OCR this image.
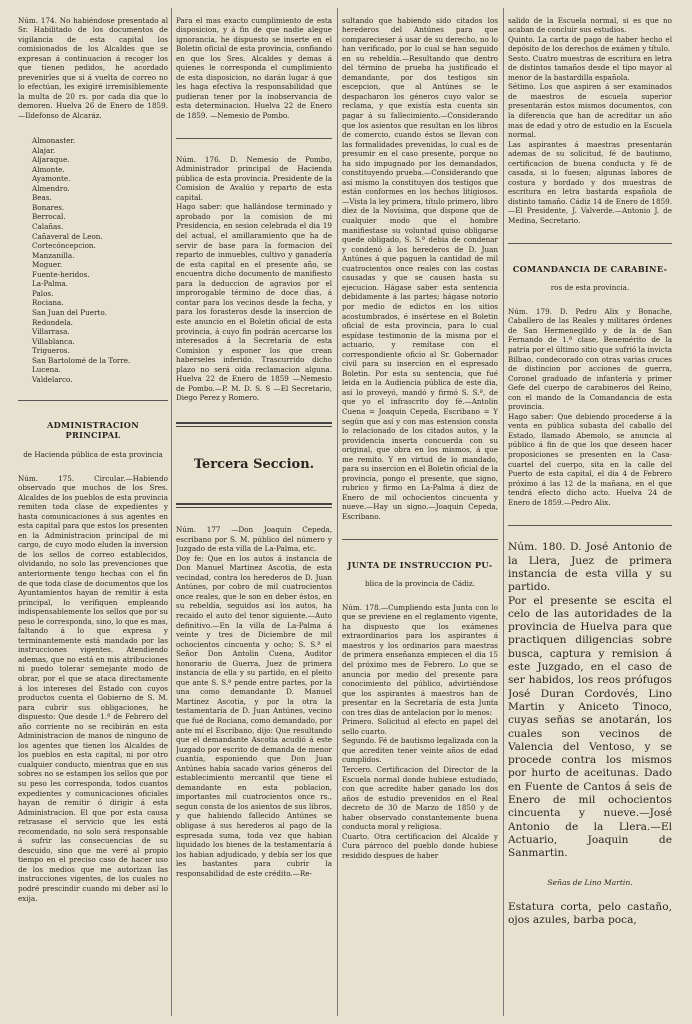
Núm. 174. No habiéndose presentado al Sr. Habilitado de los documentos de vigilancia de esta capital los comisionados de los Alcaldes que se expresan á continuacion á recoger los que tienen pedidos, he acordado prevenirles que si á vuelta de correo no lo efectúan, les exigiré irremisiblemente la multa de 20 rs. por cada dia que lo demoren. Huelva 26 de Enero de 1859. —Ildefonso de Alcaráz.

Almonaster.
Alajar.
Aljaraque.
Almonte.
Ayamonte.
Almendro.
Beas.
Bonares.
Berrocal.
Calañas.
Cañaveral de Leon.
Cortecóncepcion.
Manzanilla.
Moguer.
Fuente-heridos.
La-Palma.
Palos.
Rociana.
San Juan del Puerto.
Redondela.
Villarrasa.
Villablanca.
Trigueros.
San Bartolomé de la Torre.
Lucena.
Valdelarco.

ADMINISTRACION PRINCIPAL

de Hacienda pública de esta provincia

Núm. 175. Circular.—Habiendo observado que muchos de los Sres. Alcaldes de los pueblos de esta provincia remiten toda clase de expedientes y hasta comunicaciones á sus agentes en esta capital para que estos los presenten en la Administracion principal de mi cargo, de cuyo modo eluden la inversion de los sellos de correo establecidos, olvidando, no solo las prevenciones que anteriormente tengo hechas con el fin de que toda clase de documentos que los Ayuntamientos hayan de remitir á esta principal, lo verifiquen empleando indispensablemente los sellos que por su peso le corresponda, sino, lo que es mas, faltando á lo que expresa y terminantemente está mandado por las instrucciones vigentes. Atendiendo ademas, que no está en mis atribuciones ni puedo tolerar semejante modo de obrar, por el que se ataca directamente á los intereses del Estado con cuyos productos cuenta el Gobierno de S. M. para cubrir sus obligaciones, he dispuesto: Que desde 1.º de Febrero del año corriente no se recibirán en esta Administracion de manos de ninguno de los agentes que tienen los Alcaldes de los pueblos en esta capital, ni por otro cualquier conducto, mientras que en sus sobres no se estampen los sellos que por su peso les corresponda, todos cuantos expedientes y comunicaciones oficiales hayan de remitir ó dirigir á esta Administracion. El que por esta causa retrasase el servicio que les está recomendado, no solo será responsable á sufrir las consecuencias de su descuido, sino que me veré al propio tiempo en el preciso caso de hacer uso de los medios que me autorizan las instrucciones vigentes, de los cuales no podré prescindir cuando mi deber así lo exija.

Para el mas exacto cumplimiento de esta disposicion, y á fin de que nadie alegue ignorancia, he dispuesto se inserte en el Boletin oficial de esta provincia, confiando en que los Sres. Alcaldes y demas á quienes le corresponda el cumplimiento de esta disposicion, no darán lugar á que les haga efectiva la responsabilidad que pudieran tener por la inobservancia de esta determinacion. Huelva 22 de Enero de 1859. —Nemesio de Pombo.

Núm. 176. D. Nemesio de Pombo, Administrador principal de Hacienda pública de esta provincia. Presidente de la Comision de Avalúo y reparto de esta capital.
Hago saber: que hallándose terminado y aprobado por la comision de mi Presidencia, en sesion celebrada el dia 19 del actual, el amillaramiento que ha de servir de base para la formacion del reparto de inmuebles, cultivo y ganadería de esta capital en el presente año, se encuentra dicho documento de manifiesto para la deduccion de agravios por el improrogable término de doce dias, á contar para los vecinos desde la fecha, y para los forasteros desde la insercion de este anuncio en el Boletin oficial de esta provincia, á cuyo fin podrán acercarse los interesados á la Secretaría de esta Comision y esponer los que crean haberseles inferido. Trascurrido dicho plazo no será oida reclamacion alguna. Huelva 22 de Enero de 1859 —Nemesio de Pombo.—P. M. D. S. S —El Secretario, Diego Perez y Romero.

Tercera Seccion.

Núm. 177 —Don Joaquin Cepeda, escribano por S. M. público del número y Juzgado de esta villa de La-Palma, etc.
Doy fe: Que en los autos á instancia de Don Manuel Martinez Ascotia, de esta vecindad, contra los herederos de D. Juan Antúnes, por cobro de mil cuatrocientos once reales, que le son en deber éstos, en su rebeldía, seguidos así los autos, ha recaido el auto del tenor siguiente.—Auto definitivo.—En la villa de La-Palma á veinte y tres de Diciembre de mil ochocientos cincuenta y ocho; S. S.ª el Señor Don Antolin Cuena, Auditor honorario de Guerra, Juez de primera instancia de ella y su partido, en el pleito que ante S. S.ª pende entre partes, por la una como demandante D. Manuel Martinez Ascotia, y por la otra la testamentaría de D. Juan Antúnes, vecino que fué de Rociana, como demandado, por ante mí el Escribano, dijo: Que resultando que el demandante Ascotia acudió á este Juzgado por escrito de demanda de menor cuantía, esponiendo que Don Juan Antúnes había sacado varios géneros del establecimiento mercantil que tiene el demandante en esta poblacion, importantes mil cuatrocientos once rs., segun consta de los asientos de sus libros, y que habiendo fallecido Antúnes se obligase á sus herederos al pago de la espresada suma, toda vez que habian liquidado los bienes de la testamentaría á los habian adjudicado, y debía ser los que les bastantes para cubrir la responsabilidad de este crédito.—Re-

sultando que habiendo sido citados los herederos del Antúnes para que comparecieser á usar de su derecho, no lo han verificado, por lo cual se han seguido en su rebeldía.—Resultando que dentro del término de prueba ha justificado el demandante, por dos testigos sin escepcion, que al Antúnes se le despacharon los géneros cuyo valor se reclama, y que existía esta cuenta sin pagar á su fallecimiento.—Considerando que los asientos que resultan en los libros de comercio, cuando éstos se llevan con las formalidades prevenidas, lo cual es de presumir en el caso presente, porque no ha sido impugnado por los demandados, constituyendo prueba.—Considerando que así mismo la constituyen dos testigos que están conformes en los hechos litigiosos.—Vista la ley primera, título primero, libro diez de la Novísima, que dispone que de cualquier modo que el hombre manifiestase su voluntad quiso obligarse quede obligado, S. S.ª debia de condenar y condenó á los herederos de D. Juan Antúnes á que paguen la cantidad de mil cuatrocientos once reales con las costas causadas y que se causen hasta su ejecucion. Hágase saber esta sentencia debidamente á las partes; hágase notorio por medio de edictos en los sitios acostumbrados, é insértese en el Boletin oficial de esta provincia, para lo cual espídase testimonio de la misma por el actuario, y remítase con el correspondiente oficio al Sr. Gobernador civil para su insercion en el espresado Boletin. Por esta su sentencia, que fué leida en la Audiencia pública de este dia, así lo proveyó, mandó y firmó S. S.ª, de que yo el infrascrito doy fé.—Antolin Cuena = Joaquin Cepeda, Escribano = Y según que así y con mas estension consta lo relacionado de los citados autos, y la providencia inserta concuerda con su original, que obra en los mismos, á que me remito. Y en virtud de lo mandado, para su insercion en el Boletin oficial de la provincia, pongo el presente, que signo, rubrico y firmo en La-Palma á diez de Enero de mil ochocientos cincuenta y nueve.—Hay un signo.—Joaquin Cepeda, Escribano.

JUNTA DE INSTRUCCION PU-

blica de la provincia de Cádiz.

Núm. 178.—Cumpliendo esta Junta con lo que se previene en el reglamento vigente, ha dispuesto que los exámenes extraordinarios para los aspirantes á maestros y los ordinarios para maestras de primera enseñanza empiecen el dia 15 del próximo mes de Febrero. Lo que se anuncia por medio del presente para conocimiento del público, advirtiéndose que los aspirantes á maestros han de presentar en la Secretaría de esta Junta con tres dias de antelacion por lo menos:
Primero. Solicitud al efecto en papel del sello cuarto.
Segundo. Fé de bautismo legalizada con la que acrediten tener veinte años de edad cumplidos.
Tercero. Certificacion del Director de la Escuela normal donde hubiese estudiado, con que acredite haber ganado los dos años de estudio prevenidos en el Real decreto de 30 de Marzo de 1850 y de haber observado constantemente buena conducta moral y religiosa.
Cuarto. Otra certificacion del Alcalde y Cura párroco del pueblo donde hubiese residido despues de haber

salido de la Escuela normal, si es que no acaban de concluir sus estudios.
Quinto. La carta de pago de haber hecho el depósito de los derechos de exámen y título.
Sesto. Cuatro muestras de escritura en letra de distintos tamaños desde el tipo mayor al menor de la bastardilla española.
Sétimo. Los que aspiren á ser examinados de maestros de escuela superior presentarán estos mismos documentos, con la diferencia que han de acreditar un año mas de edad y otro de estudio en la Escuela normal.
Las aspirantes á maestras presentarán ademas de su solicitud, fé de bautismo, certificacion de buena conducta y fé de casada, si lo fuesen; algunas labores de costura y bordado y dos muestras de escritura en letra bastarda española de distinto tamaño. Cádiz 14 de Enero de 1859.—El Presidente, J. Valverde.—Antonio J. de Medina, Secretario.

COMANDANCIA DE CARABINE-

ros de esta provincia.

Núm. 179. D. Pedro Alix y Bonache, Caballero de las Reales y militares órdenes de San Hermenegildo y de la de San Fernando de 1.ª clase, Benemérito de la patria por el último sitio que sufrió la invicta Bilbao, condecorado con otras varias cruces de distincion por acciones de guerra, Coronel graduado de infantería y primer Gefe del cuerpo de carabineros del Reino, con el mando de la Comandancia de esta provincia.
Hago saber: Que debiendo procederse á la venta en pública subasta del caballo del Estado, llamado Abemolo, se anuncia al público á fin de que los que deseen hacer proposiciones se presenten en la Casa-cuartel del cuerpo, sita en la calle del Puerto de esta capital, el dia 4 de Febrero próximo á las 12 de la mañana, en el que tendrá efecto dicho acto. Huelva 24 de Enero de 1859.—Pedro Alix.

Núm. 180. D. José Antonio de la Llera, Juez de primera instancia de esta villa y su partido.
Por el presente se escita el celo de las autoridades de la provincia de Huelva para que practiquen diligencias sobre busca, captura y remision á este Juzgado, en el caso de ser habidos, los reos prófugos José Duran Cordovés, Lino Martin y Aniceto Tinoco, cuyas señas se anotarán, los cuales son vecinos de Valencia del Ventoso, y se procede contra los mismos por hurto de aceitunas. Dado en Fuente de Cantos á seis de Enero de mil ochocientos cincuenta y nueve.—José Antonio de la Llera.—El Actuario, Joaquin de Sanmartin.

Señas de Lino Martin.

Estatura corta, pelo castaño, ojos azules, barba poca,
